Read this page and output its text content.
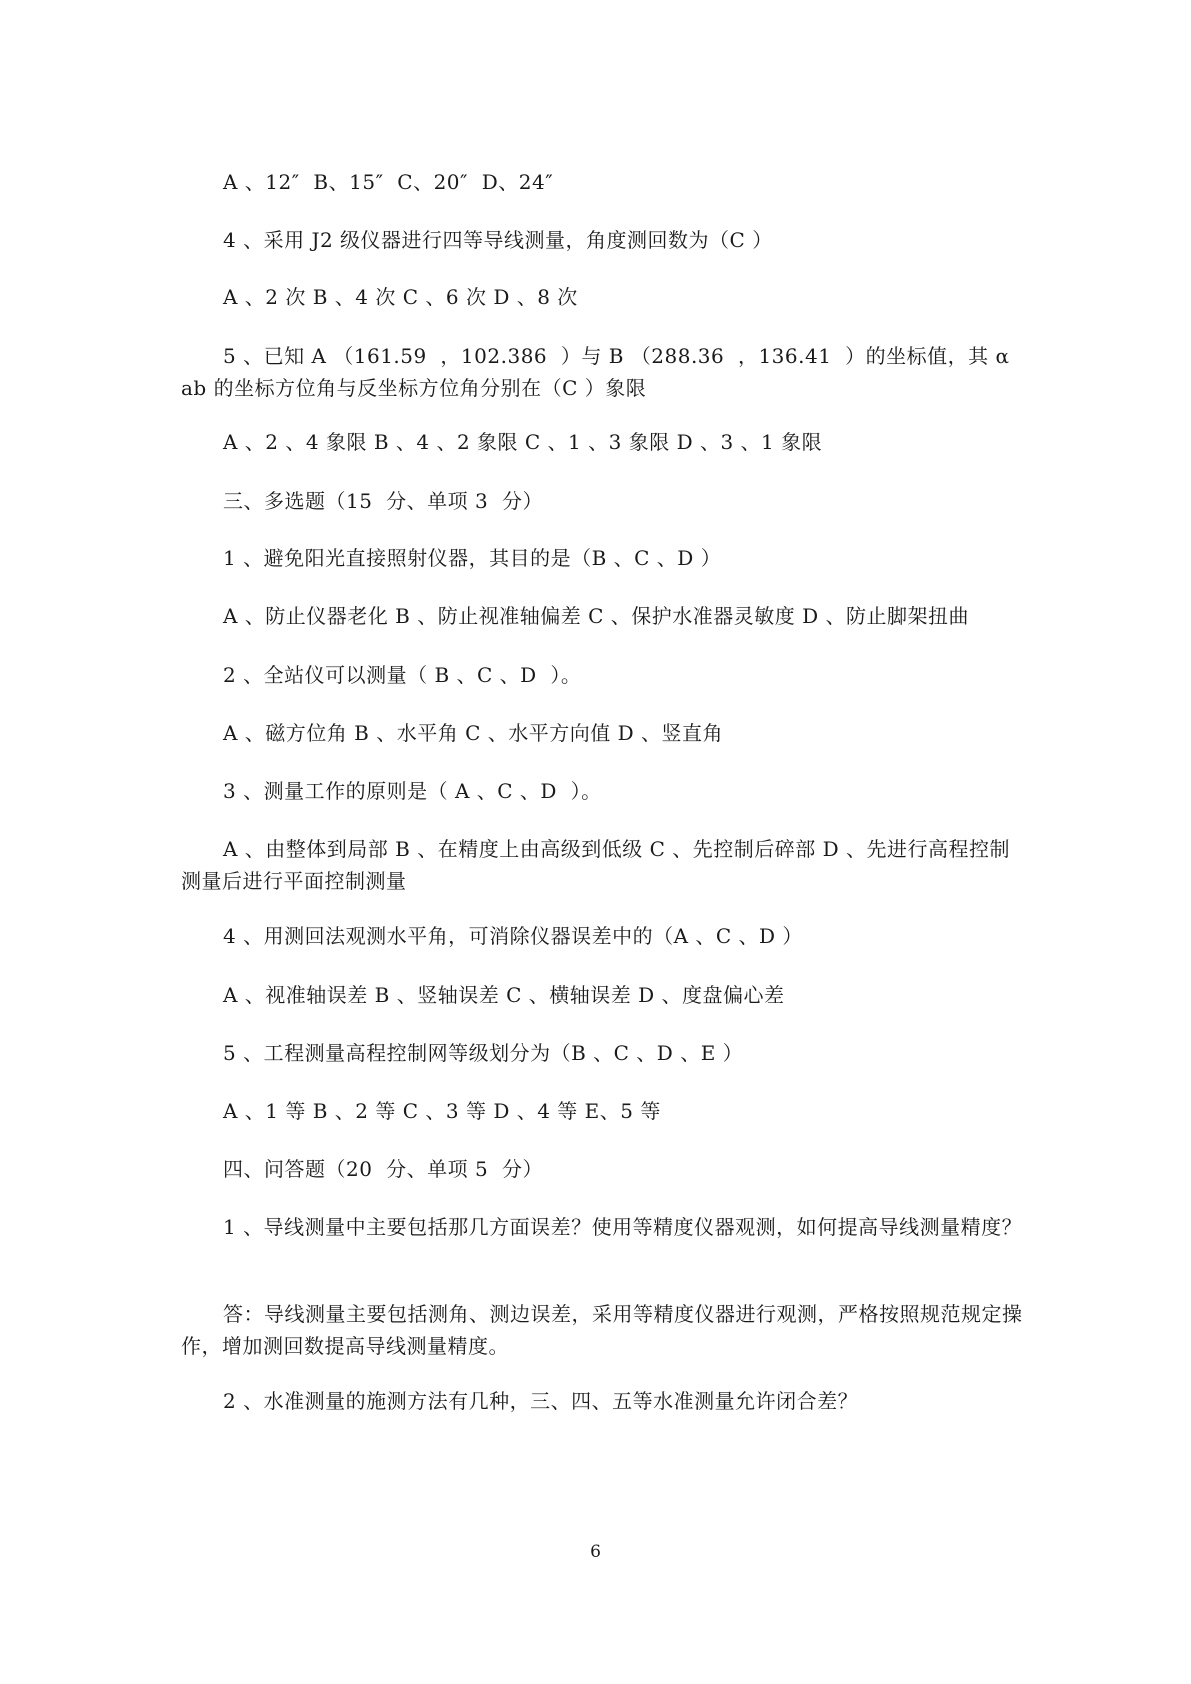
A 、12″  B、15″  C、20″  D、24″
4 、采用 J2 级仪器进行四等导线测量，角度测回数为（C ）
A 、2 次 B 、4 次 C 、6 次 D 、8 次
5 、已知 A （161.59  ，102.386  ）与 B （288.36  ，136.41  ）的坐标值，其 α ab 的坐标方位角与反坐标方位角分别在（C ）象限
A 、2 、4 象限 B 、4 、2 象限 C 、1 、3 象限 D 、3 、1 象限
三、多选题（15  分、单项 3  分）
1 、避免阳光直接照射仪器，其目的是（B 、C 、D ）
A 、防止仪器老化 B 、防止视准轴偏差 C 、保护水准器灵敏度 D 、防止脚架扭曲
2 、全站仪可以测量（ B 、C 、D  ）。
A 、磁方位角 B 、水平角 C 、水平方向值 D 、竖直角
3 、测量工作的原则是（ A 、C 、D  ）。
A 、由整体到局部 B 、在精度上由高级到低级 C 、先控制后碎部 D 、先进行高程控制测量后进行平面控制测量
4 、用测回法观测水平角，可消除仪器误差中的（A 、C 、D ）
A 、视准轴误差 B 、竖轴误差 C 、横轴误差 D 、度盘偏心差
5 、工程测量高程控制网等级划分为（B 、C 、D 、E ）
A 、1 等 B 、2 等 C 、3 等 D 、4 等 E、5 等
四、问答题（20  分、单项 5  分）
1 、导线测量中主要包括那几方面误差？使用等精度仪器观测，如何提高导线测量精度？
答：导线测量主要包括测角、测边误差，采用等精度仪器进行观测，严格按照规范规定操作，增加测回数提高导线测量精度。
2 、水准测量的施测方法有几种，三、四、五等水准测量允许闭合差？
6
